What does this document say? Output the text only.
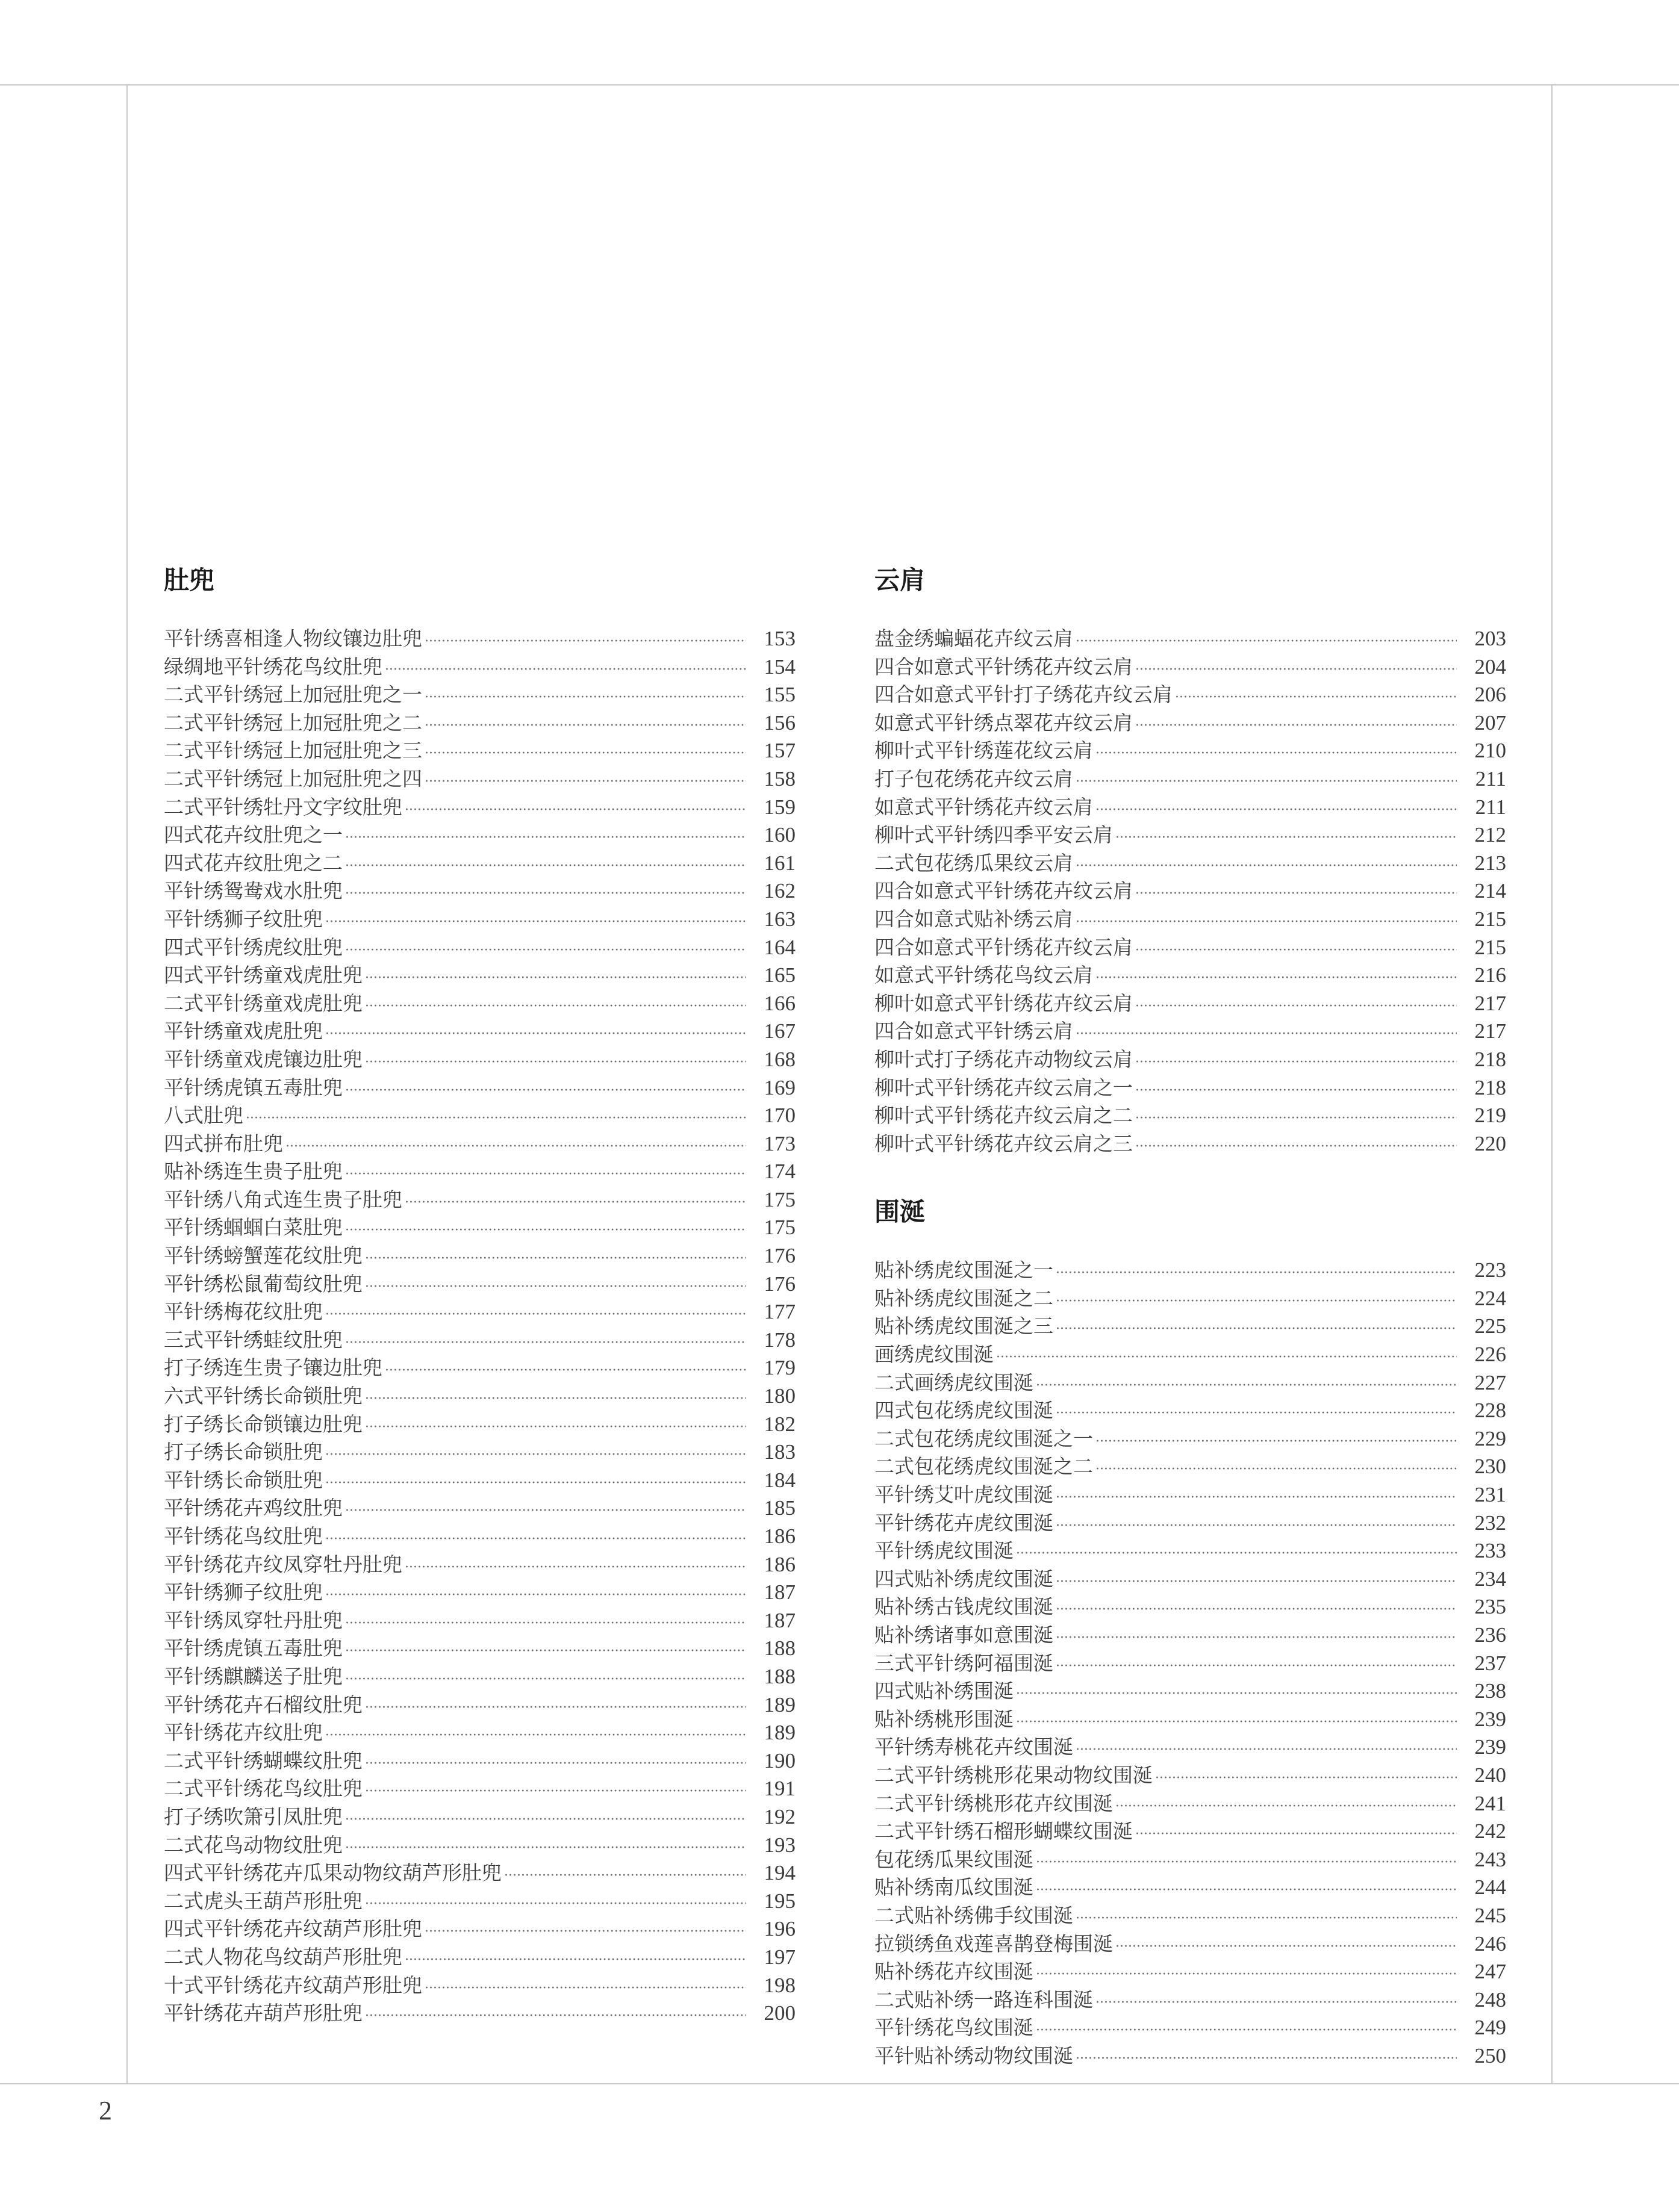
肚兜
平针绣喜相逢人物纹镶边肚兜 ·····	153
绿绸地平针绣花鸟纹肚兜 ·····	154
二式平针绣冠上加冠肚兜之一 ·····	155
二式平针绣冠上加冠肚兜之二 ·····	156
二式平针绣冠上加冠肚兜之三 ·····	157
二式平针绣冠上加冠肚兜之四 ·····	158
二式平针绣牡丹文字纹肚兜 ·····	159
四式花卉纹肚兜之一 ·····	160
四式花卉纹肚兜之二 ·····	161
平针绣鸳鸯戏水肚兜 ·····	162
平针绣狮子纹肚兜 ·····	163
四式平针绣虎纹肚兜 ·····	164
四式平针绣童戏虎肚兜 ·····	165
二式平针绣童戏虎肚兜 ·····	166
平针绣童戏虎肚兜 ·····	167
平针绣童戏虎镶边肚兜 ·····	168
平针绣虎镇五毒肚兜 ·····	169
八式肚兜 ·····	170
四式拼布肚兜 ·····	173
贴补绣连生贵子肚兜 ·····	174
平针绣八角式连生贵子肚兜 ·····	175
平针绣蝈蝈白菜肚兜 ·····	175
平针绣螃蟹莲花纹肚兜 ·····	176
平针绣松鼠葡萄纹肚兜 ·····	176
平针绣梅花纹肚兜 ·····	177
三式平针绣蛙纹肚兜 ·····	178
打子绣连生贵子镶边肚兜 ·····	179
六式平针绣长命锁肚兜 ·····	180
打子绣长命锁镶边肚兜 ·····	182
打子绣长命锁肚兜 ·····	183
平针绣长命锁肚兜 ·····	184
平针绣花卉鸡纹肚兜 ·····	185
平针绣花鸟纹肚兜 ·····	186
平针绣花卉纹凤穿牡丹肚兜 ·····	186
平针绣狮子纹肚兜 ·····	187
平针绣凤穿牡丹肚兜 ·····	187
平针绣虎镇五毒肚兜 ·····	188
平针绣麒麟送子肚兜 ·····	188
平针绣花卉石榴纹肚兜 ·····	189
平针绣花卉纹肚兜 ·····	189
二式平针绣蝴蝶纹肚兜 ·····	190
二式平针绣花鸟纹肚兜 ·····	191
打子绣吹箫引凤肚兜 ·····	192
二式花鸟动物纹肚兜 ·····	193
四式平针绣花卉瓜果动物纹葫芦形肚兜 ·····	194
二式虎头王葫芦形肚兜 ·····	195
四式平针绣花卉纹葫芦形肚兜 ·····	196
二式人物花鸟纹葫芦形肚兜 ·····	197
十式平针绣花卉纹葫芦形肚兜 ·····	198
平针绣花卉葫芦形肚兜 ·····	200
云肩
盘金绣蝙蝠花卉纹云肩 ·····	203
四合如意式平针绣花卉纹云肩 ·····	204
四合如意式平针打子绣花卉纹云肩 ·····	206
如意式平针绣点翠花卉纹云肩 ·····	207
柳叶式平针绣莲花纹云肩 ·····	210
打子包花绣花卉纹云肩 ·····	211
如意式平针绣花卉纹云肩 ·····	211
柳叶式平针绣四季平安云肩 ·····	212
二式包花绣瓜果纹云肩 ·····	213
四合如意式平针绣花卉纹云肩 ·····	214
四合如意式贴补绣云肩 ·····	215
四合如意式平针绣花卉纹云肩 ·····	215
如意式平针绣花鸟纹云肩 ·····	216
柳叶如意式平针绣花卉纹云肩 ·····	217
四合如意式平针绣云肩 ·····	217
柳叶式打子绣花卉动物纹云肩 ·····	218
柳叶式平针绣花卉纹云肩之一 ·····	218
柳叶式平针绣花卉纹云肩之二 ·····	219
柳叶式平针绣花卉纹云肩之三 ·····	220
围涎
贴补绣虎纹围涎之一 ·····	223
贴补绣虎纹围涎之二 ·····	224
贴补绣虎纹围涎之三 ·····	225
画绣虎纹围涎 ·····	226
二式画绣虎纹围涎 ·····	227
四式包花绣虎纹围涎 ·····	228
二式包花绣虎纹围涎之一 ·····	229
二式包花绣虎纹围涎之二 ·····	230
平针绣艾叶虎纹围涎 ·····	231
平针绣花卉虎纹围涎 ·····	232
平针绣虎纹围涎 ·····	233
四式贴补绣虎纹围涎 ·····	234
贴补绣古钱虎纹围涎 ·····	235
贴补绣诸事如意围涎 ·····	236
三式平针绣阿福围涎 ·····	237
四式贴补绣围涎 ·····	238
贴补绣桃形围涎 ·····	239
平针绣寿桃花卉纹围涎 ·····	239
二式平针绣桃形花果动物纹围涎 ·····	240
二式平针绣桃形花卉纹围涎 ·····	241
二式平针绣石榴形蝴蝶纹围涎 ·····	242
包花绣瓜果纹围涎 ·····	243
贴补绣南瓜纹围涎 ·····	244
二式贴补绣佛手纹围涎 ·····	245
拉锁绣鱼戏莲喜鹊登梅围涎 ·····	246
贴补绣花卉纹围涎 ·····	247
二式贴补绣一路连科围涎 ·····	248
平针绣花鸟纹围涎 ·····	249
平针贴补绣动物纹围涎 ·····	250
2
